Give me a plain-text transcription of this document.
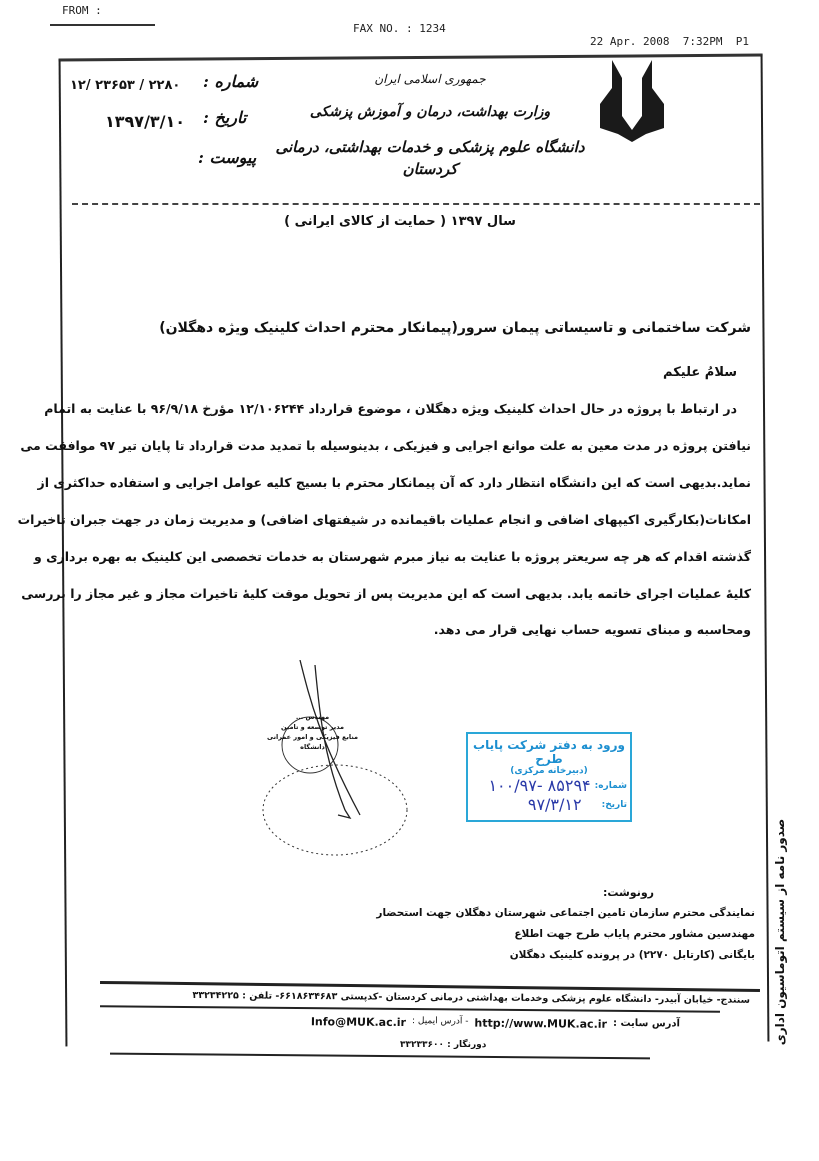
FROM :
FAX NO. : 1234
22 Apr. 2008  7:32PM  P1
جمهوری اسلامی ایران
وزارت بهداشت، درمان و آموزش پزشکی
دانشگاه علوم پزشکی و خدمات بهداشتی، درمانی کردستان
شماره :
۱۲/ ۲۳۶۵۳ / ۲۲۸۰
تاریخ :
۱۳۹۷/۳/۱۰
پیوست :
سال ۱۳۹۷ ( حمایت از کالای ایرانی )
شرکت ساختمانی و تاسیساتی پیمان سرور(پیمانکار محترم احداث کلینیک ویژه دهگلان)
سلامُ علیکم
در ارتباط با پروژه در حال احداث کلینیک ویژه دهگلان ، موضوع قرارداد ۱۲/۱۰۶۲۴۴ مؤرخ ۹۶/۹/۱۸ با عنایت به اتمام
نیافتن پروژه در مدت معین به علت موانع اجرایی و فیزیکی ، بدینوسیله با تمدید مدت قرارداد تا پایان تیر ۹۷ موافقت می
نماید.بدیهی است که این دانشگاه انتظار دارد که آن پیمانکار محترم با بسیج کلیه عوامل اجرایی و استفاده حداکثری از
امکانات(بکارگیری اکیپهای اضافی و انجام عملیات باقیمانده در شیفتهای اضافی) و مدیریت زمان در جهت جبران تاخیرات
گذشته اقدام که هر چه سریعتر پروژه با عنایت به نیاز مبرم شهرستان به خدمات تخصصی این کلینیک به بهره برداری و
کلیهٔ عملیات اجرای خاتمه یابد. بدیهی است که این مدیریت پس از تحویل موقت کلیهٔ تاخیرات مجاز و غیر مجاز را بررسی
ومحاسبه و مبنای تسویه حساب نهایی قرار می دهد.
مهندس ...
مدیر توسعه و تامین
منابع فیزیکی و امور عمرانی
دانشگاه	ورود به دفتر شرکت پایاب طرح
(دبیرخانه مرکزی)
شماره:
۱۰۰/۹۷- ۸۵۲۹۴
تاریخ:
۹۷/۳/۱۲
صدور نامه از سیستم اتوماسیون اداری
رونوشت:
نمایندگی محترم سازمان تامین اجتماعی شهرستان دهگلان جهت استحضار
مهندسین مشاور محترم پایاب طرح جهت اطلاع
بایگانی (کارتابل ۲۲۷۰) در پرونده کلینیک دهگلان
سنندج- خیابان آبیدر- دانشگاه علوم پزشکی وخدمات بهداشتی درمانی کردستان -کدپستی ۶۶۱۸۶۳۴۶۸۳- تلفن : ۳۳۲۳۴۲۲۵
آدرس سایت :
http://www.MUK.ac.ir
- آدرس ایمیل :
Info@MUK.ac.ir
دورنگار : ۳۳۲۳۳۶۰۰
